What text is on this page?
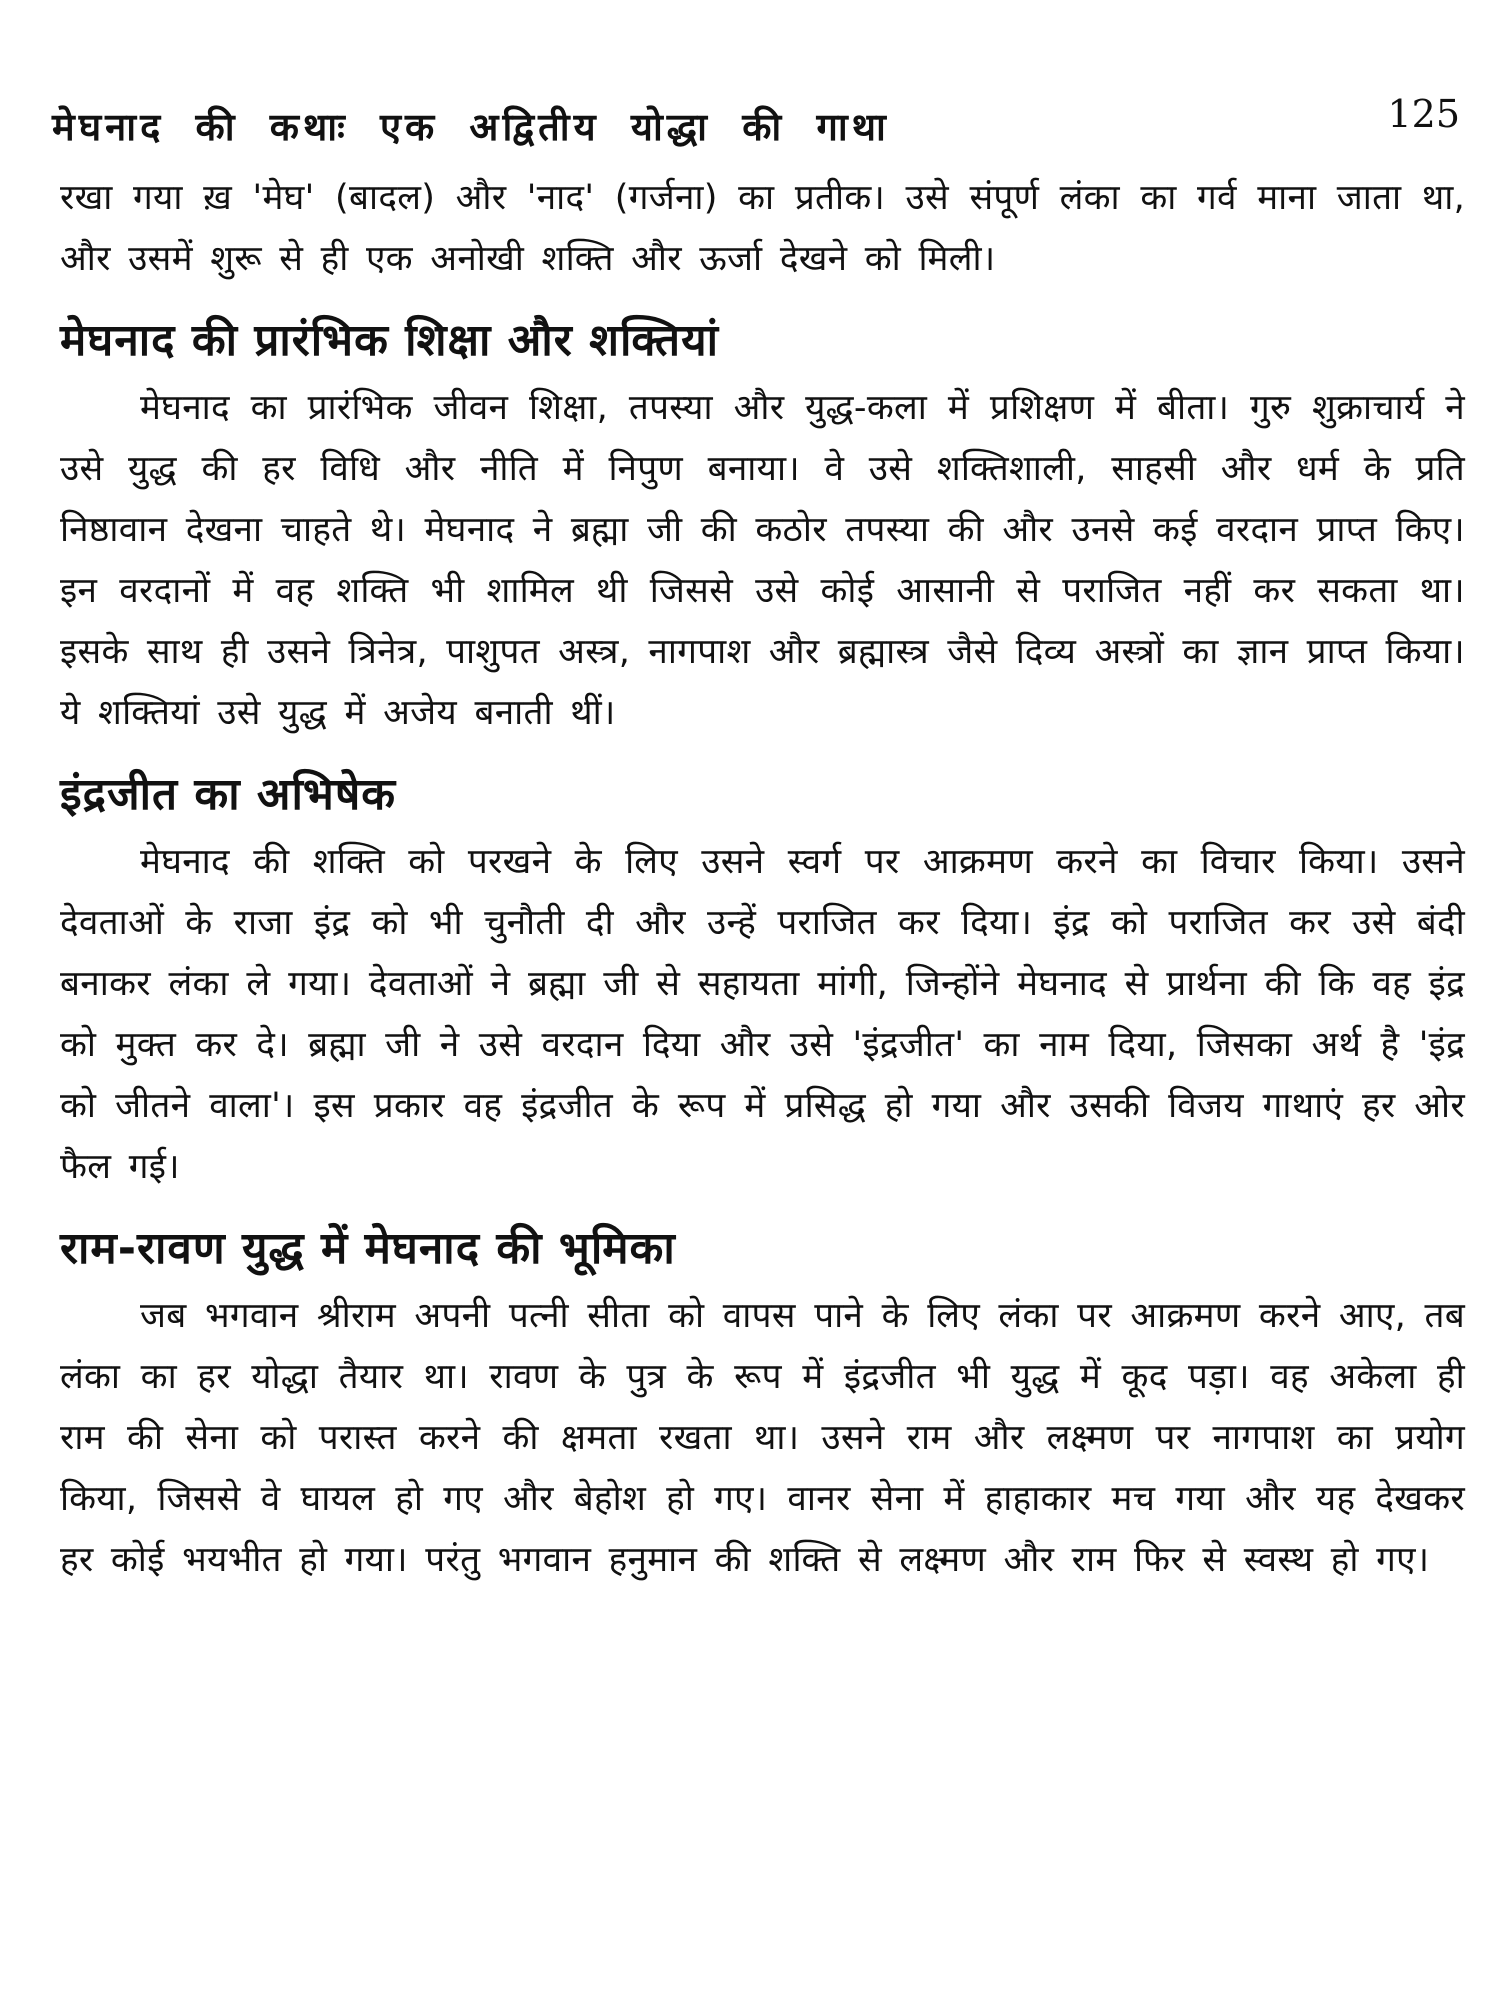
मेघनाद की कथाः एक अद्वितीय योद्धा की गाथा	125

रखा गया ख़ 'मेघ' (बादल) और 'नाद' (गर्जना) का प्रतीक। उसे संपूर्ण लंका का गर्व माना जाता था, और उसमें शुरू से ही एक अनोखी शक्ति और ऊर्जा देखने को मिली।

मेघनाद की प्रारंभिक शिक्षा और शक्तियां

मेघनाद का प्रारंभिक जीवन शिक्षा, तपस्या और युद्ध-कला में प्रशिक्षण में बीता। गुरु शुक्राचार्य ने उसे युद्ध की हर विधि और नीति में निपुण बनाया। वे उसे शक्तिशाली, साहसी और धर्म के प्रति निष्ठावान देखना चाहते थे। मेघनाद ने ब्रह्मा जी की कठोर तपस्या की और उनसे कई वरदान प्राप्त किए। इन वरदानों में वह शक्ति भी शामिल थी जिससे उसे कोई आसानी से पराजित नहीं कर सकता था। इसके साथ ही उसने त्रिनेत्र, पाशुपत अस्त्र, नागपाश और ब्रह्मास्त्र जैसे दिव्य अस्त्रों का ज्ञान प्राप्त किया। ये शक्तियां उसे युद्ध में अजेय बनाती थीं।

इंद्रजीत का अभिषेक

मेघनाद की शक्ति को परखने के लिए उसने स्वर्ग पर आक्रमण करने का विचार किया। उसने देवताओं के राजा इंद्र को भी चुनौती दी और उन्हें पराजित कर दिया। इंद्र को पराजित कर उसे बंदी बनाकर लंका ले गया। देवताओं ने ब्रह्मा जी से सहायता मांगी, जिन्होंने मेघनाद से प्रार्थना की कि वह इंद्र को मुक्त कर दे। ब्रह्मा जी ने उसे वरदान दिया और उसे 'इंद्रजीत' का नाम दिया, जिसका अर्थ है 'इंद्र को जीतने वाला'। इस प्रकार वह इंद्रजीत के रूप में प्रसिद्ध हो गया और उसकी विजय गाथाएं हर ओर फैल गई।

राम-रावण युद्ध में मेघनाद की भूमिका

जब भगवान श्रीराम अपनी पत्नी सीता को वापस पाने के लिए लंका पर आक्रमण करने आए, तब लंका का हर योद्धा तैयार था। रावण के पुत्र के रूप में इंद्रजीत भी युद्ध में कूद पड़ा। वह अकेला ही राम की सेना को परास्त करने की क्षमता रखता था। उसने राम और लक्ष्मण पर नागपाश का प्रयोग किया, जिससे वे घायल हो गए और बेहोश हो गए। वानर सेना में हाहाकार मच गया और यह देखकर हर कोई भयभीत हो गया। परंतु भगवान हनुमान की शक्ति से लक्ष्मण और राम फिर से स्वस्थ हो गए।
